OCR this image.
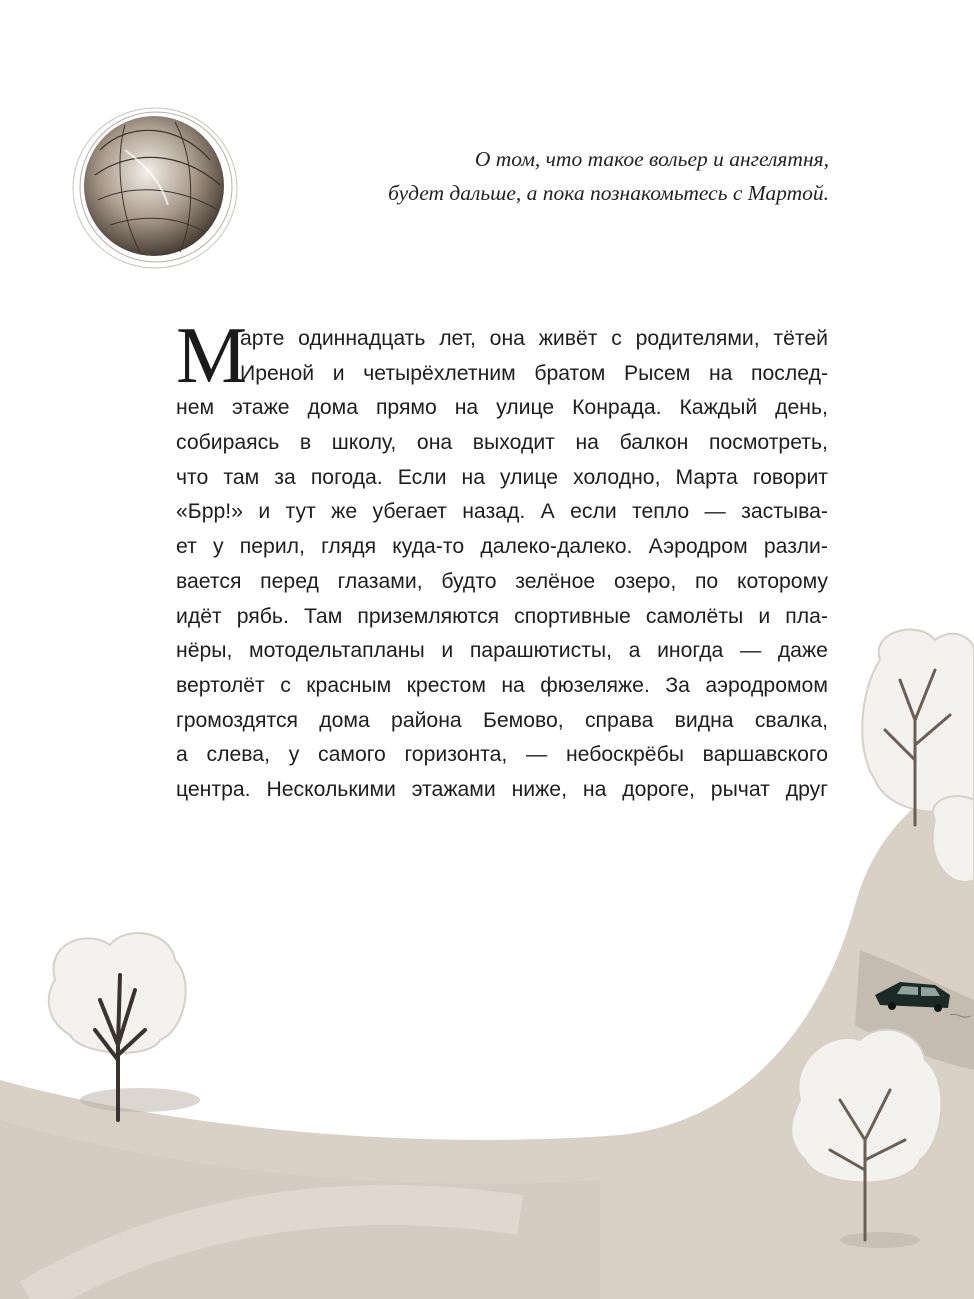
О том, что такое вольер и ангелятня,
будет дальше, а пока познакомьтесь с Мартой.
М
арте одиннадцать лет, она живёт с родителями, тётей
Иреной и четырёхлетним братом Рысем на послед-
нем этаже дома прямо на улице Конрада. Каждый день,
собираясь в школу, она выходит на балкон посмотреть,
что там за погода. Если на улице холодно, Марта говорит
«Брр!» и тут же убегает назад. А если тепло — застыва-
ет у перил, глядя куда-то далеко-далеко. Аэродром разли-
вается перед глазами, будто зелёное озеро, по которому
идёт рябь. Там приземляются спортивные самолёты и пла-
нёры, мотодельтапланы и парашютисты, а иногда — даже
вертолёт с красным крестом на фюзеляже. За аэродромом
громоздятся дома района Бемово, справа видна свалка,
а слева, у самого горизонта, — небоскрёбы варшавского
центра. Несколькими этажами ниже, на дороге, рычат друг
